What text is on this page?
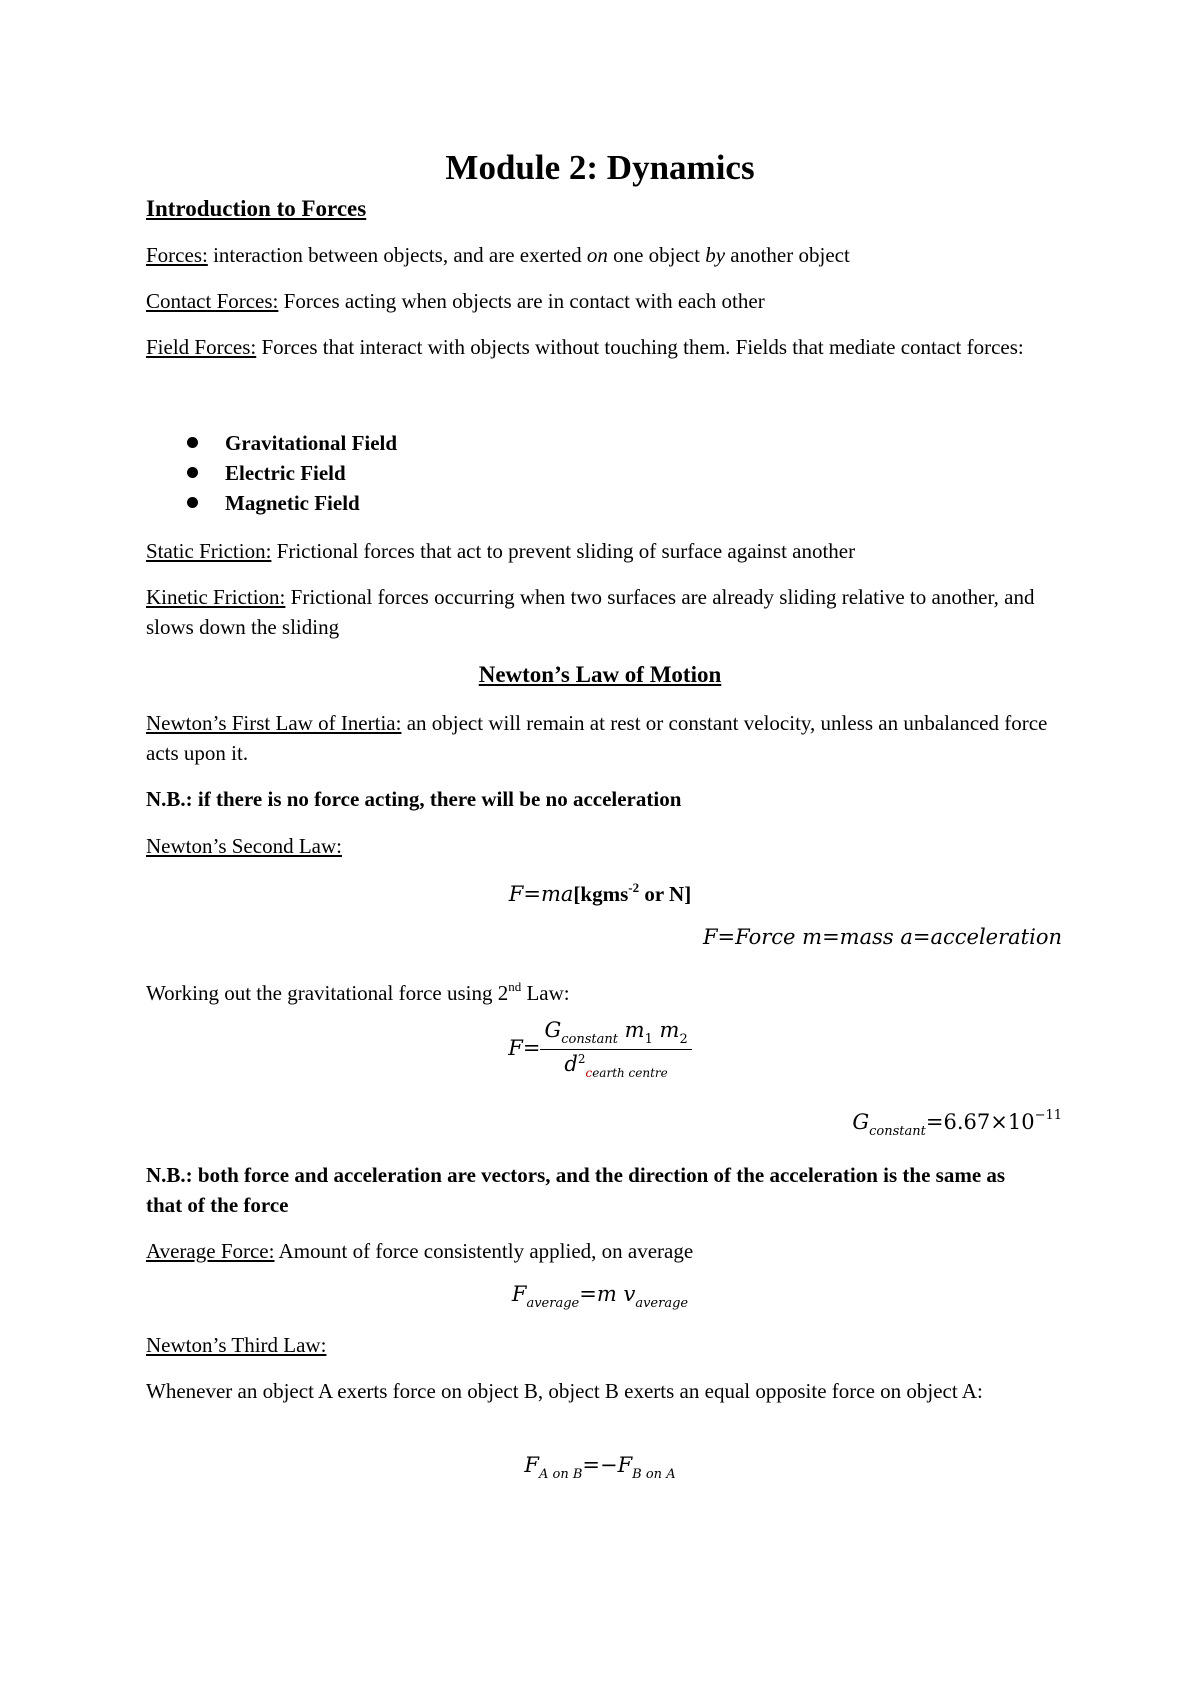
Module 2: Dynamics
Introduction to Forces

Forces: interaction between objects, and are exerted on one object by another object

Contact Forces: Forces acting when objects are in contact with each other

Field Forces: Forces that interact with objects without touching them. Fields that mediate contact forces:

Gravitational Field
Electric Field
Magnetic Field

Static Friction: Frictional forces that act to prevent sliding of surface against another

Kinetic Friction: Frictional forces occurring when two surfaces are already sliding relative to another, and slows down the sliding

Newton’s Law of Motion

Newton’s First Law of Inertia: an object will remain at rest or constant velocity, unless an unbalanced force acts upon it.

N.B.: if there is no force acting, there will be no acceleration

Newton’s Second Law:

F=ma[kgms$^{-2}$ or N]
F=Force m=mass a=acceleration

Working out the gravitational force using 2nd Law:

$F= \frac{G_{constant} m_1 m_2}{d^2_{cearth centre}}$
$G_{constant}=6.67\times 10^{-11}$

N.B.: both force and acceleration are vectors, and the direction of the acceleration is the same as that of the force

Average Force: Amount of force consistently applied, on average

$F_{average}=m$ $v_{average}$

Newton’s Third Law:

Whenever an object A exerts force on object B, object B exerts an equal opposite force on object A:

$F_{A on B}=-F_{B on A}$
